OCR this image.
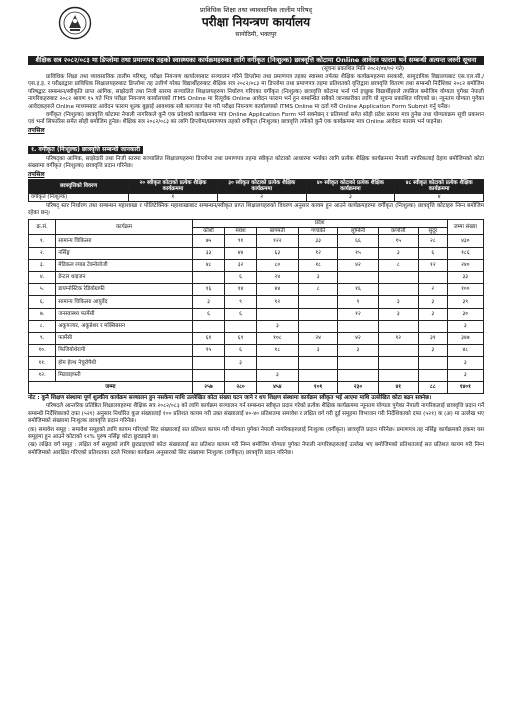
प्राविधिक शिक्षा तथा व्यावसायिक तालीम परिषद्
परीक्षा नियन्त्रण कार्यालय
सानोठिमी, भक्तपुर
शैक्षिक सत्र २०८२/०८३ मा डिप्लोमा तथा प्रमाणपत्र तहको स्वास्थ्यका कार्यक्रमहरुका लागि वर्गीकृत (निःशुल्क) छात्रवृत्ति कोटामा Online आवेदन फाराम भर्ने सम्बन्धी अत्यन्त जरुरी सूचना
(सूचना प्रकाशित मिति २०८२/०४/०२ गते)

प्राविधिक शिक्षा तथा व्यावसायिक तालीम परिषद्, परीक्षा नियन्त्रण कार्यालयबाट सञ्चालन गरिने डिप्लोमा तथा प्रमाणपत्र तहका स्वास्थ्य तर्फका शैक्षिक कार्यक्रमहरुमा सरकारी, सामुदायिक विद्यालयबाट एस.एल.सी./एस.इ.इ. र परीक्षाद्वारा प्राविधिक शिक्षालयहरुबाट डिप्लोमा तह उत्तीर्ण गरेका विद्यार्थीहरुबाट शैक्षिक सत्र २०८२/०८३ मा डिप्लोमा तथा प्रमाणपत्र तहमा प्रतिशतको वृत्तिद्वारा छात्रवृत्ति वितरण तथा सम्बन्धी निर्देशिका २०८२ बमोजिम परिषद्बाट सम्बन्धन/स्वीकृति प्राप्त आंगिक, साझेदारी तथा निजी स्तरमा सञ्चालित शिक्षालयहरुमा निर्धारण गरिएका वर्गीकृत (निःशुल्क) छात्रवृत्ति कोटामा भर्ना गर्न इच्छुक विद्यार्थीहरुले तपसिल बमोजिम योग्यता पुगेका नेपाली नागरिकहरुबाट २०८२ श्रावण १५ गते भित्र परीक्षा नियन्त्रण कार्यालयको ITMS Online मा रित्पूर्वक Online आवेदन फाराम भर्न हुन सम्बन्धित सबैको जानकारीका लागि यो सूचना प्रकाशित गरिएको छ। न्यूनतम योग्यता पुगेका आवेदकहरुले Online माध्यमबाट आवेदन फाराम शुल्क बुझाई आवश्यक सबै कागजात पेश गरी परीक्षा नियन्त्रण कार्यालयको ITMS Online मा दर्ता गरी Online Application Form Submit गर्नु पर्नेछ।

वर्गीकृत (निःशुल्क) छात्रवृत्ति कोटामा नेपाली नागरिकले कुनै एक प्रदेशको कार्यक्रममा मात्र Online Application Form भर्न सक्नेछन् र प्रतिस्पर्धा समेत सोही प्रदेश स्तरमा मात्र हुनेछ तथा योग्यताक्रम सूची प्रकाशन एवं भर्ना सिफारिस समेत सोही बमोजिम हुनेछ। शैक्षिक सत्र २०८२/०८३ का लागि डिप्लोमा/प्रमाणपत्र तहको वर्गीकृत (निःशुल्क) छात्रवृत्ति तर्फको कुनै एक कार्यक्रममा मात्र Online आवेदन फाराम भर्न पाइनेछ।

तपसिल
१. वर्गीकृत (निःशुल्क) छात्रवृत्ति सम्बन्धी जानकारी

परिषद्का आंगिक, साझेदारी तथा निजी स्तरमा सञ्चालित शिक्षालयहरुमा डिप्लोमा तथा प्रमाणपत्र तहमा स्वीकृत कोटाको आधारमा भर्नाका लागि प्रत्येक शैक्षिक कार्यक्रममा नेपाली नागरिकलाई देहाय बमोजिमको कोटा संख्यामा वर्गीकृत (निःशुल्क) छात्रवृत्ति प्रदान गरिनेछ।

तपसिल
छात्रवृत्तिको विवरण	२० स्वीकृत कोटाको प्रत्येक शैक्षिक कार्यक्रममा	३० स्वीकृत कोटाको प्रत्येक शैक्षिक कार्यक्रममा	४० स्वीकृत कोटाको प्रत्येक शैक्षिक कार्यक्रममा	४८ स्वीकृत कोटाको प्रत्येक शैक्षिक कार्यक्रममा
वर्गीकृत (निःशुल्क)	१	२	३	४

परिषद् स्तर निर्धारण तथा सम्बन्धन महाशाखा र पोलिटेक्निक महाशाखाबाट सम्बन्धन/स्वीकृत प्राप्त शिक्षालयहरुको विवरण अनुसार कायम हुन आउने कार्यक्रमहरुमा वर्गीकृत (निःशुल्क) छात्रवृत्ति कोटाहरु निम्न बमोजिम रहेका छन्।

क्र.सं.	कार्यक्रम	प्रदेश							जम्मा संख्या
		कोशी	मधेश	बागमती	गण्डकी	लुम्बिनी	कर्णाली	सुदूर	
१.	सामान्य चिकित्सा	७५	९१	१२२	३३	६६	१५	२८	४३०
२.	नर्सिङ्ग	३३	४४	६३	१२	१५	३	६	१८६
३.	मेडिकल ल्याब टेक्नोलोजी	४८	३२	८०	१८	४२	८	१२	२४०
४.	डेन्टल थाइजन		६	२४	३				३३
५.	डायग्नोस्टिक रेडियोग्राफी	१६	१४	४४	८	१६		२	१००
६.	सामान्य चिकित्सा आयुर्वेद	३	९	१२		९	३	३	३९
७.	जनस्वास्थ्य फार्मेसी	६	६			१२	३	३	३०
८.	अकुपञ्चर, अकुप्रेशर र मक्सिबसन			३					३
९.	फार्मेसी	६१	६९	१०८	२४	४२	१२	३१	३४७
१०.	फिजियोथेरापी	१५	६	१८	३	३		३	४८
११.	होम हेल्थ नेचुरोपैथी		३						३
१२.	मिडवाइफरी			३					३
जम्मा		२५७	२८०	४५४	१०१	२३०	४१	८८	१४०१
नोट : कुनै शिक्षण संस्थामा पूर्ण शुल्कीय कार्यक्रम सञ्चालन हुन नसकेमा माथि उल्लेखित कोटा संख्या घटन जाने र थप शिक्षण संस्थामा कार्यक्रम स्वीकृत भई आएमा माथि उल्लेखित कोटा बढन सक्नेछ।

परिषदले आन्तरिक प्रतिष्ठित शिक्षालयहरुमा शैक्षिक सत्र २०८२/०८३ को लागि कार्यक्रम सञ्चालन गर्न सम्बन्धन स्वीकृत प्रदान गरेको प्रत्येक शैक्षिक कार्यक्रममा न्यूनतम योग्यता पुगेका नेपाली नागरिकलाई छात्रवृत्ति प्रदान गर्ने सम्बन्धी निर्देशिकाको दफा (५२१) अनुसार निर्धारित कुल संख्यालाई १०० प्रतिशत कायम गरी उक्त संख्यालाई ४०-४० प्रतिशतमा समावेश र लक्षित वर्ग गरी दुई समूहमा विभाजन गरी निर्देशिकाको दफा (५२१) क (अ) मा उल्लेख भए बमोजिमको संख्यामा निःशुल्क छात्रवृत्ति प्रदान गरिनेछ।

(क) समावेश समूह : समावेश समूहको लागि कायम गरिएको सिट संख्यालाई सत प्रतिशत कायम गरी योग्यता पुगेका नेपाली नागरिकहरुलाई निःशुल्क (वर्गीकृत) छात्रवृत्ति प्रदान गरिनेछ। प्रमाणपत्र तह नर्सिङ्ग कार्यक्रमको हकमा यस समूहमा हुन आउने कोटाको १२% पुरुष नर्सिङ्ग कोटा छुट्याइने छ।

(ख) लक्षित वर्ग समूह : लक्षित वर्ग समूहको लागि छुट्याइएको कोटा संख्यालाई सत प्रतिशत कायम गरी निम्न बमोजिम योग्यता पुगेका नेपाली नागरिकहरुलाई उल्लेख भए बमोजिमको प्रतिशतलाई सत प्रतिशत कायम गरी निम्न बमोजिमको आरक्षित गरिएको प्रतिशतका दरले भित्रका कार्यक्रम अनुसारको सिट संख्यामा निःशुल्क (वर्गीकृत) छात्रवृत्ति प्रदान गरिनेछ।
